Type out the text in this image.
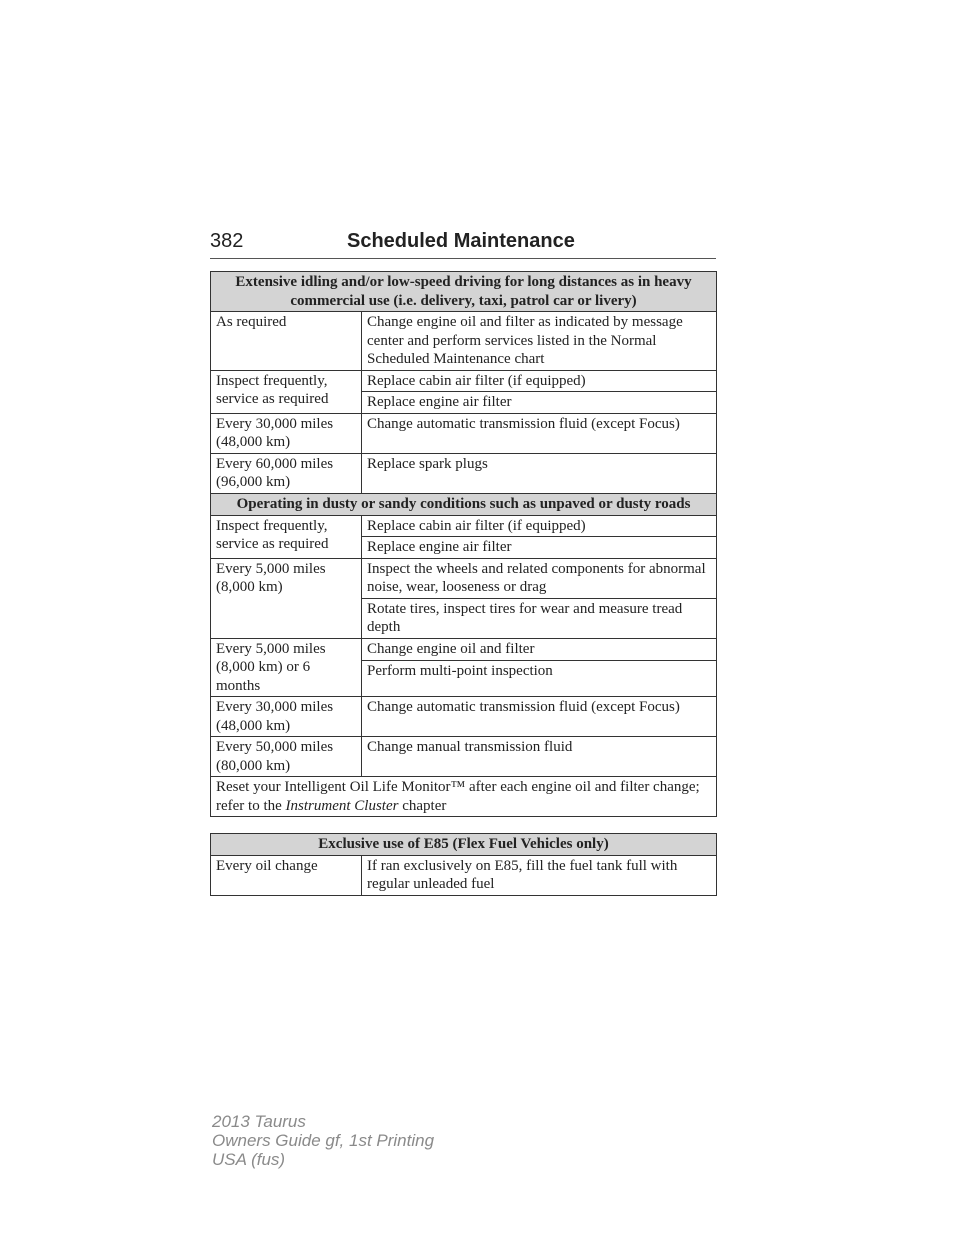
382	Scheduled Maintenance
Extensive idling and/or low-speed driving for long distances as in heavy commercial use (i.e. delivery, taxi, patrol car or livery)	
As required	Change engine oil and filter as indicated by message center and perform services listed in the Normal Scheduled Maintenance chart
Inspect frequently, service as required	Replace cabin air filter (if equipped)
	Replace engine air filter
Every 30,000 miles (48,000 km)	Change automatic transmission fluid (except Focus)
Every 60,000 miles (96,000 km)	Replace spark plugs
Operating in dusty or sandy conditions such as unpaved or dusty roads	
Inspect frequently, service as required	Replace cabin air filter (if equipped)
	Replace engine air filter
Every 5,000 miles (8,000 km)	Inspect the wheels and related components for abnormal noise, wear, looseness or drag
	Rotate tires, inspect tires for wear and measure tread depth
Every 5,000 miles (8,000 km) or 6 months	Change engine oil and filter
	Perform multi-point inspection
Every 30,000 miles (48,000 km)	Change automatic transmission fluid (except Focus)
Every 50,000 miles (80,000 km)	Change manual transmission fluid
Reset your Intelligent Oil Life Monitor™ after each engine oil and filter change; refer to the Instrument Cluster chapter	
Exclusive use of E85 (Flex Fuel Vehicles only)
Every oil change	If ran exclusively on E85, fill the fuel tank full with regular unleaded fuel
2013 Taurus
Owners Guide gf, 1st Printing
USA (fus)
